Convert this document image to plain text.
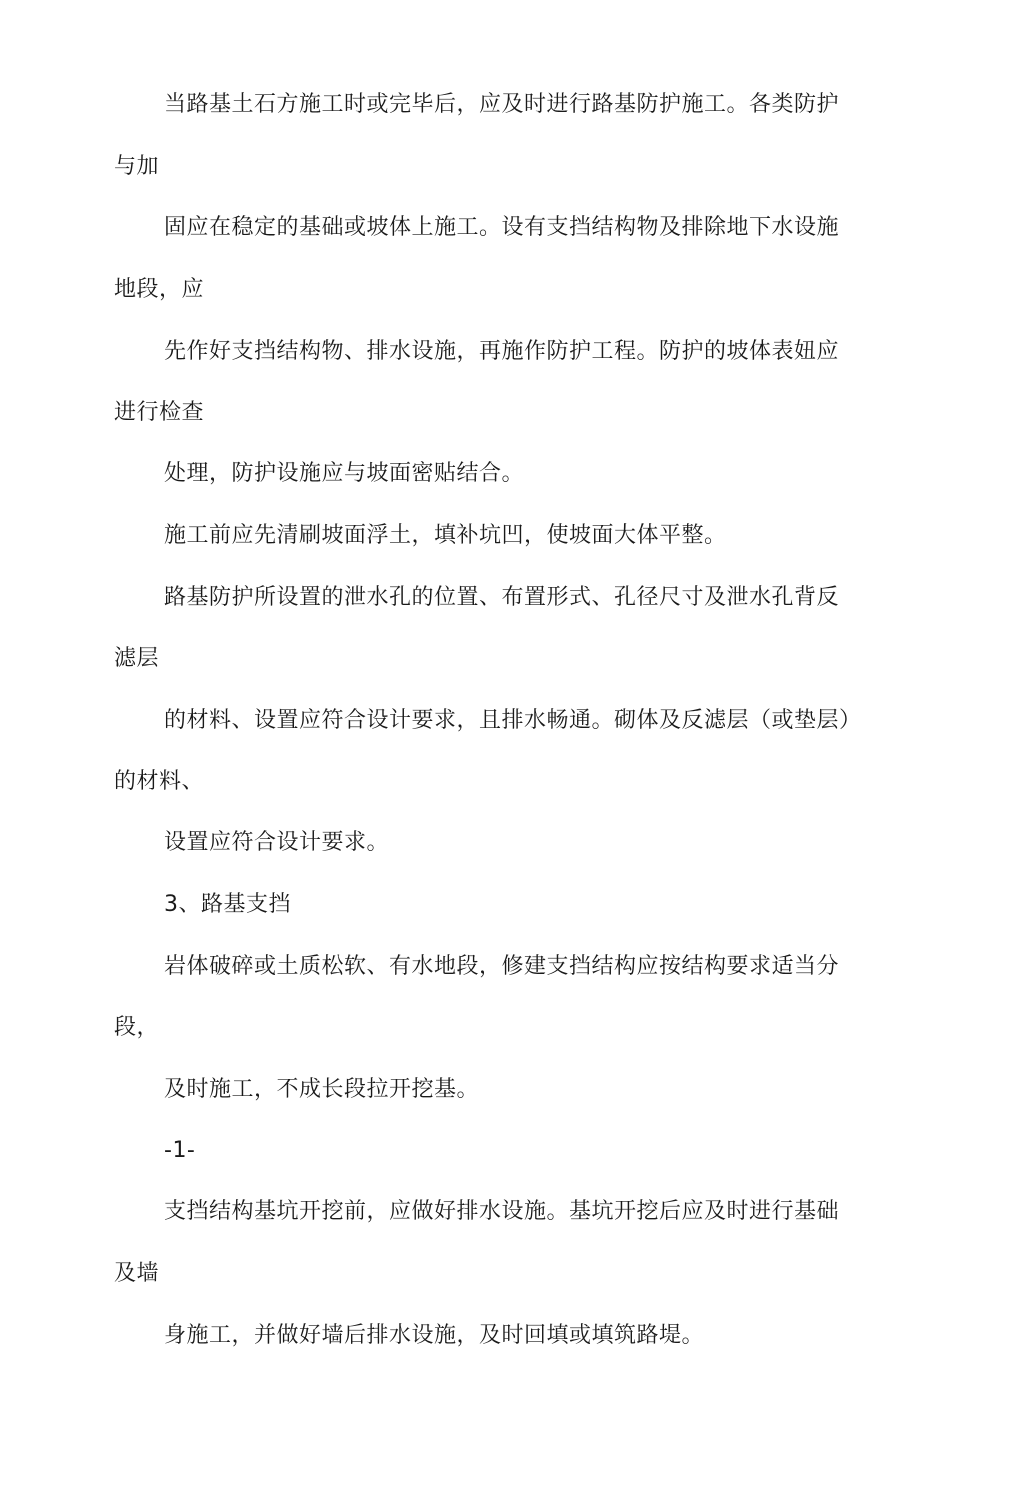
当路基土石方施工时或完毕后，应及时进行路基防护施工。各类防护
与加
固应在稳定的基础或坡体上施工。设有支挡结构物及排除地下水设施
地段，应
先作好支挡结构物、排水设施，再施作防护工程。防护的坡体表妞应
进行检查
处理，防护设施应与坡面密贴结合。
施工前应先清刷坡面浮土，填补坑凹，使坡面大体平整。
路基防护所设置的泄水孔的位置、布置形式、孔径尺寸及泄水孔背反
滤层
的材料、设置应符合设计要求，且排水畅通。砌体及反滤层（或垫层）
的材料、
设置应符合设计要求。
3、路基支挡
岩体破碎或土质松软、有水地段，修建支挡结构应按结构要求适当分
段，
及时施工，不成长段拉开挖基。
-1-
支挡结构基坑开挖前，应做好排水设施。基坑开挖后应及时进行基础
及墙
身施工，并做好墙后排水设施，及时回填或填筑路堤。
